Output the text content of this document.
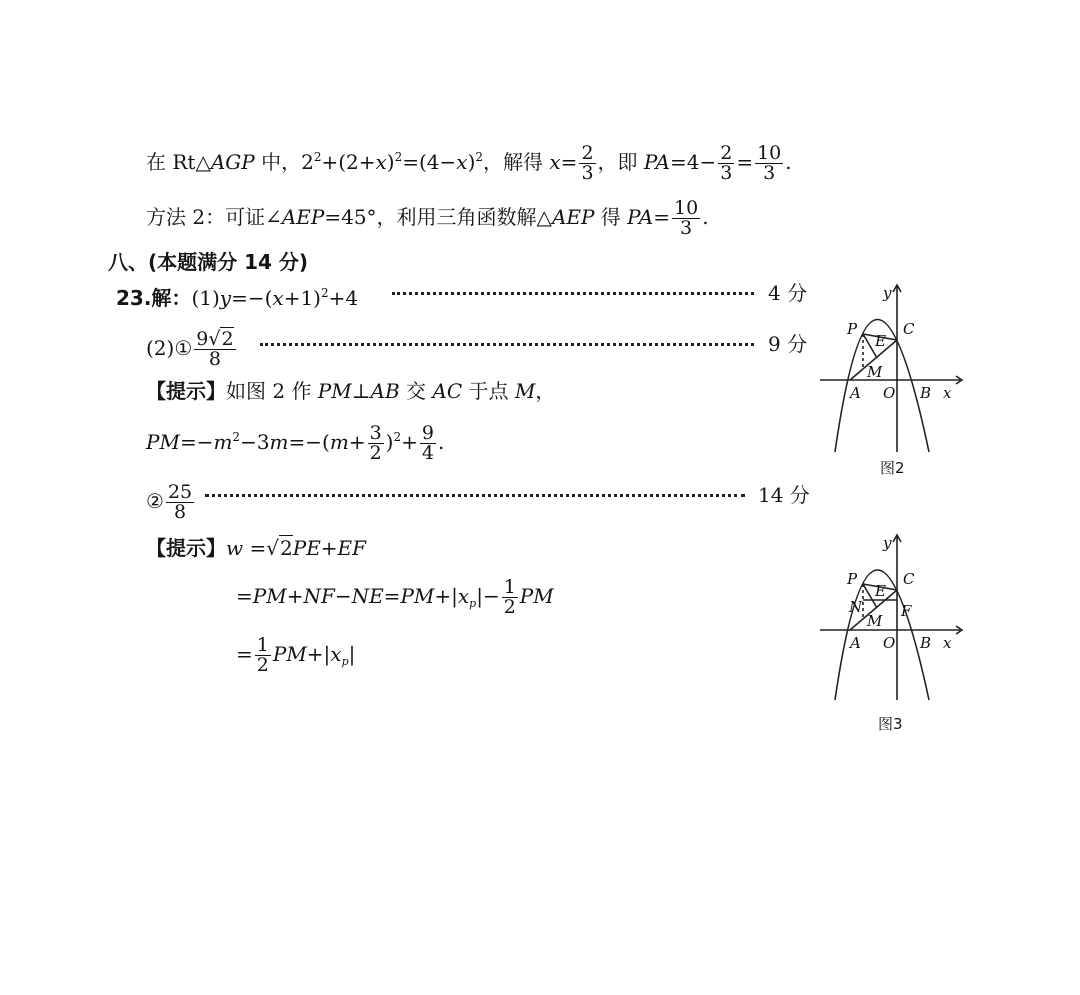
在 Rt△AGP 中，$2^2+(2+x)^2=(4-x)^2$，解得 $x= \frac{2}{3}$ ，即 $PA=4- \frac{2}{3} = \frac{10}{3}$ .
方法 2：可证∠AEP=45°，利用三角函数解△AEP 得 $PA= \frac{10}{3}$ .
八、(本题满分 14 分)
23.解：$(1)y=-(x+1)^2+4$	4 分
(2)① $\frac{9√2}{8}$	9 分
【提示】如图 2 作 PM⊥AB 交 AC 于点 M，
$PM=-m^2-3m=-(m+ \frac{3}{2} )^2+ \frac{9}{4}$ .
② $\frac{25}{8}$	14 分
【提示】w =√2PE+EF
$=PM+NF-NE=PM+|x_p|- \frac{1}{2}$ PM
= $\frac{1}{2} PM+|x_p|$
y
x
P	C
E
M
A O B
图2
y
x
P	C
E
N
M
F
A O B
图3
